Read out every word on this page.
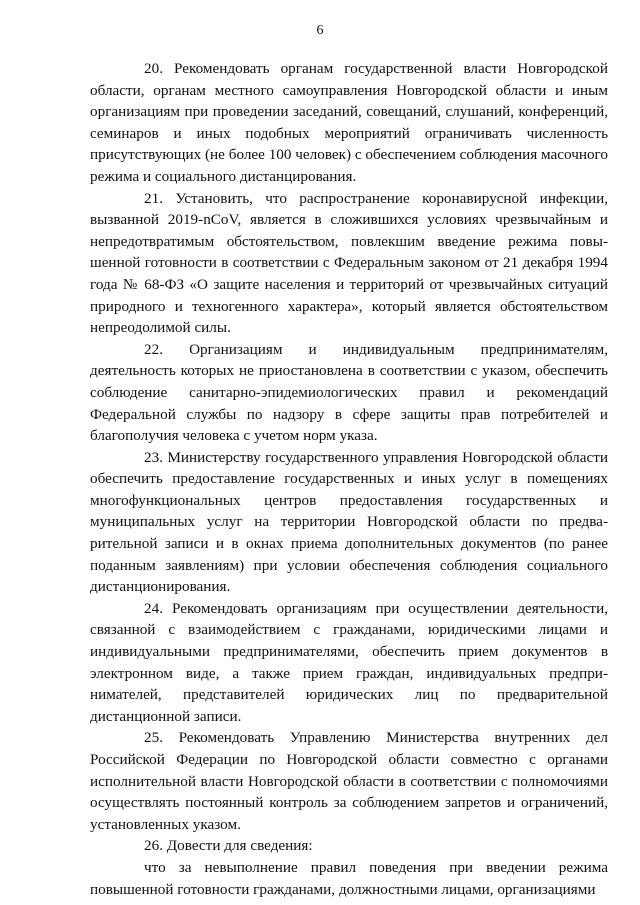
6

20. Рекомендовать органам государственной власти Новгородской области, органам местного самоуправления Новгородской области и иным организациям при проведении заседаний, совещаний, слушаний, конференций, семинаров и иных подобных мероприятий ограничивать численность присутствующих (не более 100 человек) с обеспечением соблюдения масочного режима и социального дистанцирования.

21. Установить, что распространение коронавирусной инфекции, вызванной 2019-nCoV, является в сложившихся условиях чрезвычайным и непредотвратимым обстоятельством, повлекшим введение режима повышенной готовности в соответствии с Федеральным законом от 21 декабря 1994 года № 68-ФЗ «О защите населения и территорий от чрезвычайных ситуаций природного и техногенного характера», который является обстоятельством непреодолимой силы.

22. Организациям и индивидуальным предпринимателям, деятельность которых не приостановлена в соответствии с указом, обеспечить соблюдение санитарно-эпидемиологических правил и рекомендаций Федеральной службы по надзору в сфере защиты прав потребителей и благополучия человека с учетом норм указа.

23. Министерству государственного управления Новгородской области обеспечить предоставление государственных и иных услуг в помещениях многофункциональных центров предоставления государственных и муниципальных услуг на территории Новгородской области по предварительной записи и в окнах приема дополнительных документов (по ранее поданным заявлениям) при условии обеспечения соблюдения социального дистанционирования.

24. Рекомендовать организациям при осуществлении деятельности, связанной с взаимодействием с гражданами, юридическими лицами и индивидуальными предпринимателями, обеспечить прием документов в электронном виде, а также прием граждан, индивидуальных предпринимателей, представителей юридических лиц по предварительной дистанционной записи.

25. Рекомендовать Управлению Министерства внутренних дел Российской Федерации по Новгородской области совместно с органами исполнительной власти Новгородской области в соответствии с полномочиями осуществлять постоянный контроль за соблюдением запретов и ограничений, установленных указом.

26. Довести для сведения:

что за невыполнение правил поведения при введении режима повышенной готовности гражданами, должностными лицами, организациями
